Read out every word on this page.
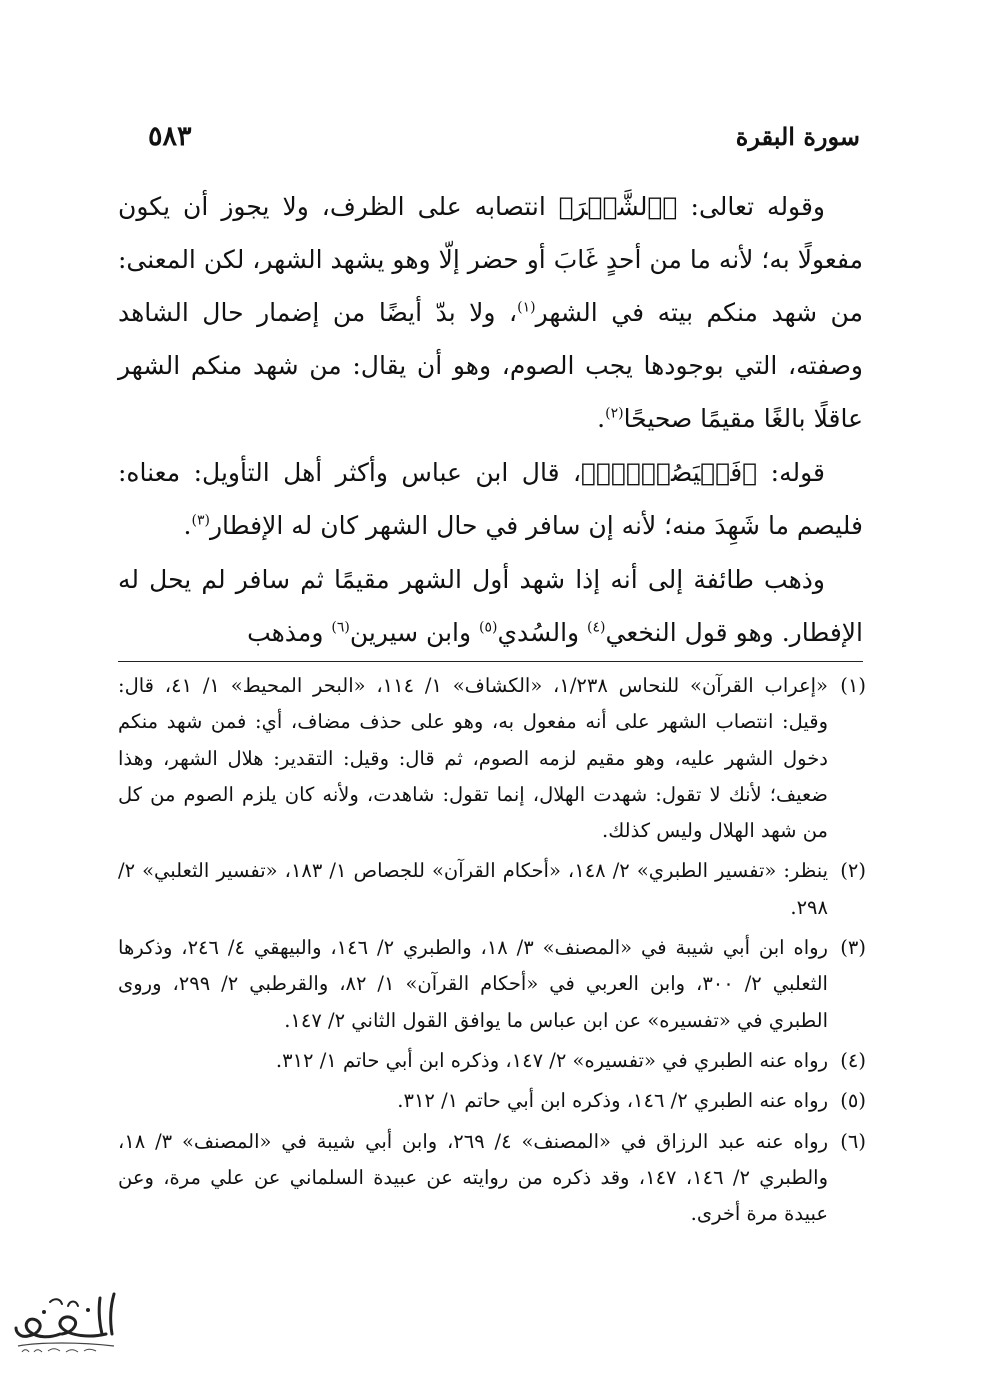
٥٨٣	سورة البقرة

وقوله تعالى: ﴿ٱلشَّهۡرَ﴾ انتصابه على الظرف، ولا يجوز أن يكون مفعولًا به؛ لأنه ما من أحدٍ غَابَ أو حضر إلّا وهو يشهد الشهر، لكن المعنى: من شهد منكم بيته في الشهر$^{(١)}$، ولا بدّ أيضًا من إضمار حال الشاهد وصفته، التي بوجودها يجب الصوم، وهو أن يقال: من شهد منكم الشهر عاقلًا بالغًا مقيمًا صحيحًا$^{(٢)}$.

قوله: ﴿فَلۡيَصُمۡهُۖ﴾، قال ابن عباس وأكثر أهل التأويل: معناه: فليصم ما شَهِدَ منه؛ لأنه إن سافر في حال الشهر كان له الإفطار$^{(٣)}$.

وذهب طائفة إلى أنه إذا شهد أول الشهر مقيمًا ثم سافر لم يحل له الإفطار. وهو قول النخعي$^{(٤)}$ والسُدي$^{(٥)}$ وابن سيرين$^{(٦)}$ ومذهب

(١)
«إعراب القرآن» للنحاس ١/٢٣٨، «الكشاف» ١/ ١١٤، «البحر المحيط» ١/ ٤١، قال: وقيل: انتصاب الشهر على أنه مفعول به، وهو على حذف مضاف، أي: فمن شهد منكم دخول الشهر عليه، وهو مقيم لزمه الصوم، ثم قال: وقيل: التقدير: هلال الشهر، وهذا ضعيف؛ لأنك لا تقول: شهدت الهلال، إنما تقول: شاهدت، ولأنه كان يلزم الصوم من كل من شهد الهلال وليس كذلك.
(٢)
ينظر: «تفسير الطبري» ٢/ ١٤٨، «أحكام القرآن» للجصاص ١/ ١٨٣، «تفسير الثعلبي» ٢/ ٢٩٨.
(٣)
رواه ابن أبي شيبة في «المصنف» ٣/ ١٨، والطبري ٢/ ١٤٦، والبيهقي ٤/ ٢٤٦، وذكرها الثعلبي ٢/ ٣٠٠، وابن العربي في «أحكام القرآن» ١/ ٨٢، والقرطبي ٢/ ٢٩٩، وروى الطبري في «تفسيره» عن ابن عباس ما يوافق القول الثاني ٢/ ١٤٧.
(٤)
رواه عنه الطبري في «تفسيره» ٢/ ١٤٧، وذكره ابن أبي حاتم ١/ ٣١٢.
(٥)
رواه عنه الطبري ٢/ ١٤٦، وذكره ابن أبي حاتم ١/ ٣١٢.
(٦)
رواه عنه عبد الرزاق في «المصنف» ٤/ ٢٦٩، وابن أبي شيبة في «المصنف» ٣/ ١٨، والطبري ٢/ ١٤٦، ١٤٧، وقد ذكره من روايته عن عبيدة السلماني عن علي مرة، وعن عبيدة مرة أخرى.
